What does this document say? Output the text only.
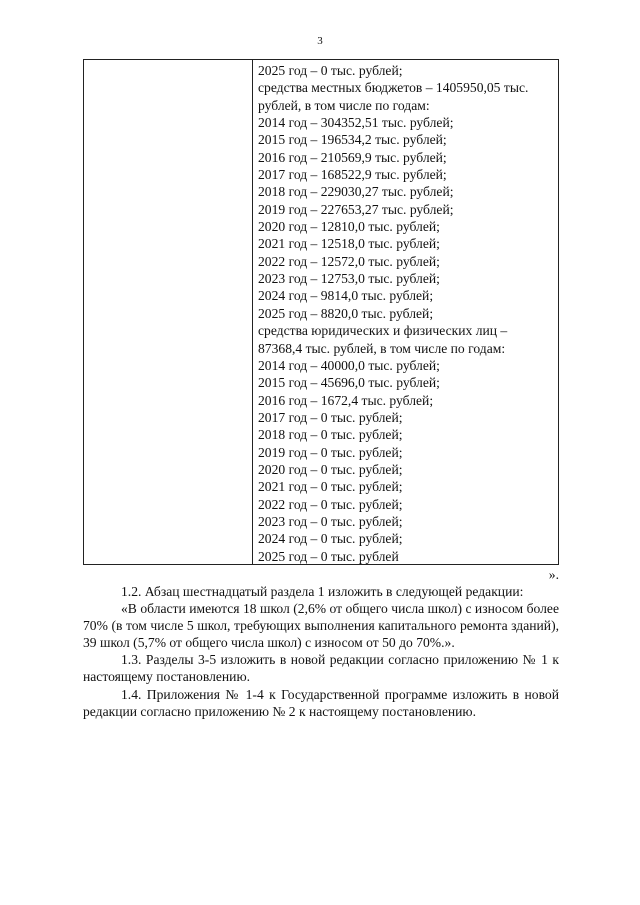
3
2025 год – 0 тыс. рублей;
средства местных бюджетов – 1405950,05 тыс.
рублей, в том числе по годам:
2014 год – 304352,51 тыс. рублей;
2015 год – 196534,2 тыс. рублей;
2016 год – 210569,9 тыс. рублей;
2017 год – 168522,9 тыс. рублей;
2018 год – 229030,27 тыс. рублей;
2019 год – 227653,27 тыс. рублей;
2020 год – 12810,0 тыс. рублей;
2021 год – 12518,0 тыс. рублей;
2022 год – 12572,0 тыс. рублей;
2023 год – 12753,0 тыс. рублей;
2024 год – 9814,0 тыс. рублей;
2025 год – 8820,0 тыс. рублей;
средства юридических и физических лиц –
87368,4 тыс. рублей, в том числе по годам:
2014 год – 40000,0 тыс. рублей;
2015 год – 45696,0 тыс. рублей;
2016 год – 1672,4 тыс. рублей;
2017 год – 0 тыс. рублей;
2018 год – 0 тыс. рублей;
2019 год – 0 тыс. рублей;
2020 год – 0 тыс. рублей;
2021 год – 0 тыс. рублей;
2022 год – 0 тыс. рублей;
2023 год – 0 тыс. рублей;
2024 год – 0 тыс. рублей;
2025 год – 0 тыс. рублей
».

1.2. Абзац шестнадцатый раздела 1 изложить в следующей редакции:

«В области имеются 18 школ (2,6% от общего числа школ) с износом более 70% (в том числе 5 школ, требующих выполнения капитального ремонта зданий), 39 школ (5,7% от общего числа школ) с износом от 50 до 70%.».

1.3. Разделы 3-5 изложить в новой редакции согласно приложению № 1 к настоящему постановлению.

1.4. Приложения № 1-4 к Государственной программе изложить в новой редакции согласно приложению № 2 к настоящему постановлению.
